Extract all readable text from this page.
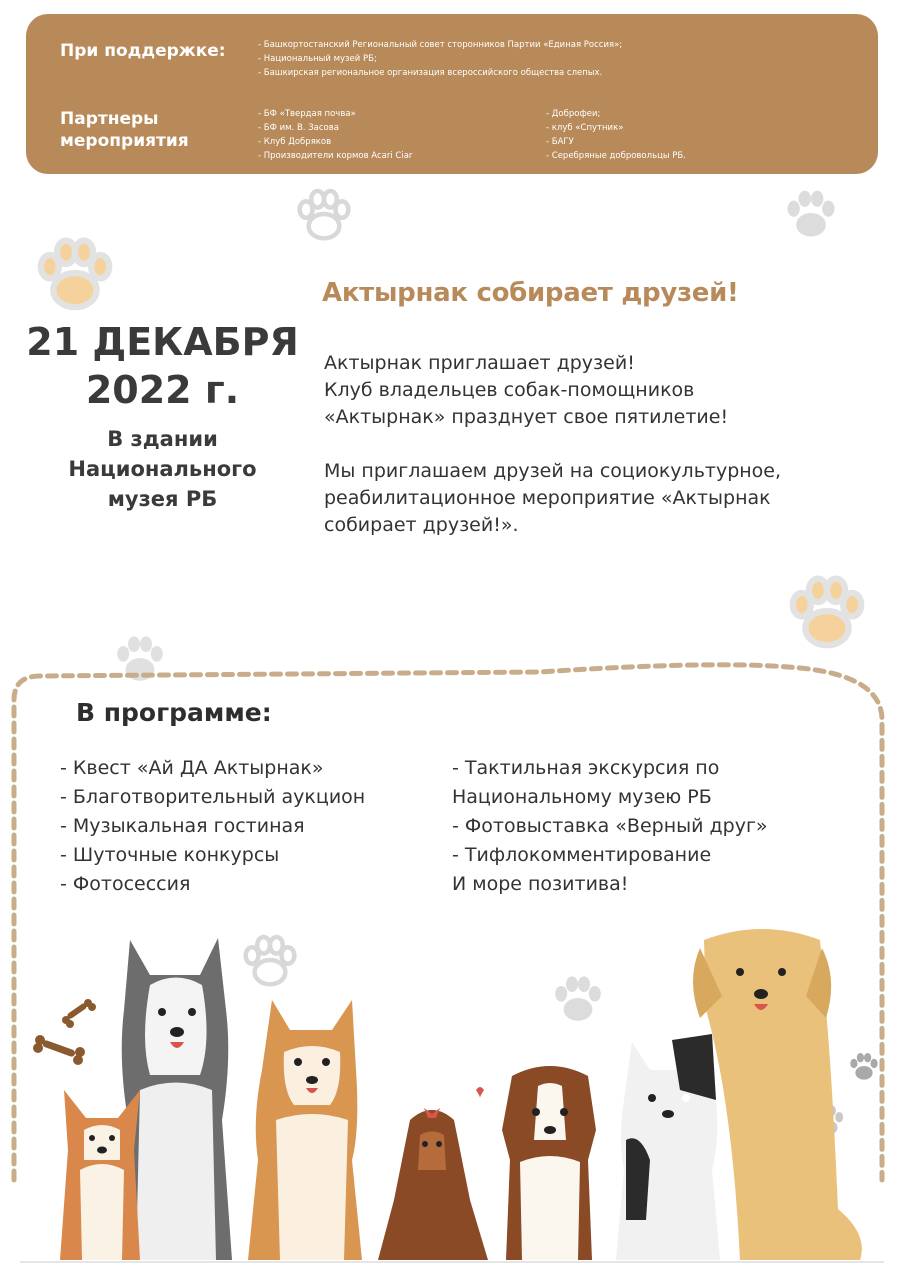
При поддержке:	- Башкортостанский Региональный совет сторонников Партии «Единая Россия»;
- Национальный музей РБ;
- Башкирская региональное организация всероссийского общества слепых.
Партнеры мероприятия
- БФ «Твердая почва»
- БФ им. В. Засова
- Клуб Добряков
- Производители кормов Acari Ciar
- Доброфеи;
- клуб «Спутник»
- БАГУ
- Серебряные добровольцы РБ.
21 ДЕКАБРЯ
2022 г.
В здании
Национального
музея РБ
Актырнак собирает друзей!

Актырнак приглашает друзей!
Клуб владельцев собак-помощников
«Актырнак» празднует свое пятилетие!

Мы приглашаем друзей на социокультурное,
реабилитационное мероприятие «Актырнак
собирает друзей!».

В программе:
- Квест «Ай ДА Актырнак»
- Благотворительный аукцион
- Музыкальная гостиная
- Шуточные конкурсы
- Фотосессия
- Тактильная экскурсия по
Национальному музею РБ
- Фотовыставка «Верный друг»
- Тифлокомментирование
И море позитива!
